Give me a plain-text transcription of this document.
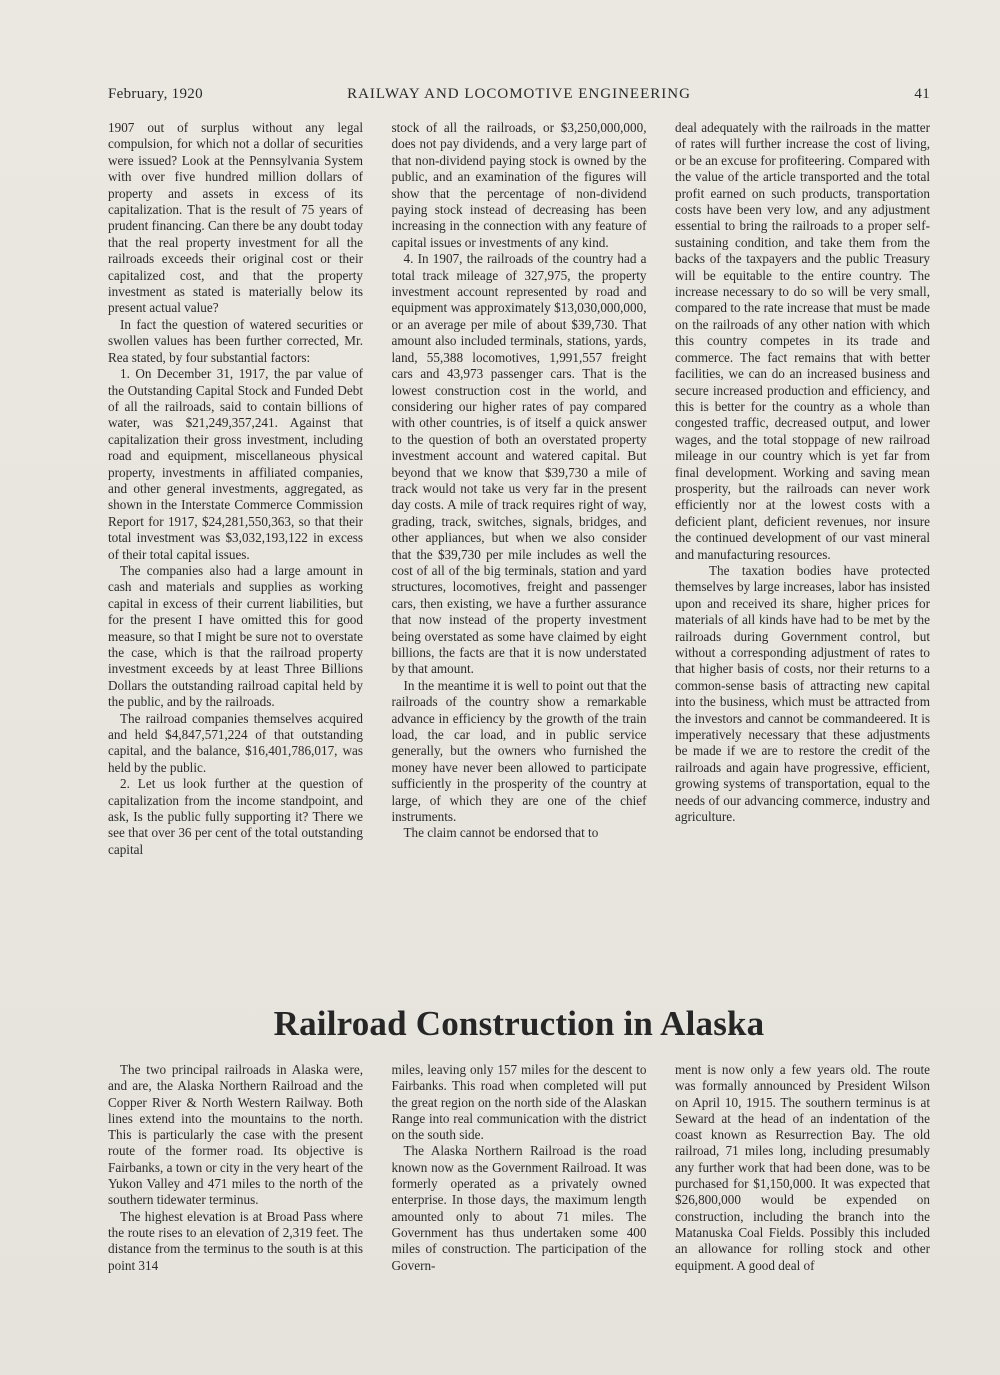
February, 1920	RAILWAY AND LOCOMOTIVE ENGINEERING	41

1907 out of surplus without any legal compulsion, for which not a dollar of securities were issued? Look at the Pennsylvania System with over five hundred million dollars of property and assets in excess of its capitalization. That is the result of 75 years of prudent financing. Can there be any doubt today that the real property investment for all the railroads exceeds their original cost or their capitalized cost, and that the property investment as stated is materially below its present actual value?

In fact the question of watered securities or swollen values has been further corrected, Mr. Rea stated, by four substantial factors:

1. On December 31, 1917, the par value of the Outstanding Capital Stock and Funded Debt of all the railroads, said to contain billions of water, was $21,249,357,241. Against that capitalization their gross investment, including road and equipment, miscellaneous physical property, investments in affiliated companies, and other general investments, aggregated, as shown in the Interstate Commerce Commission Report for 1917, $24,281,550,363, so that their total investment was $3,032,193,122 in excess of their total capital issues.

The companies also had a large amount in cash and materials and supplies as working capital in excess of their current liabilities, but for the present I have omitted this for good measure, so that I might be sure not to overstate the case, which is that the railroad property investment exceeds by at least Three Billions Dollars the outstanding railroad capital held by the public, and by the railroads.

The railroad companies themselves acquired and held $4,847,571,224 of that outstanding capital, and the balance, $16,401,786,017, was held by the public.

2. Let us look further at the question of capitalization from the income standpoint, and ask, Is the public fully supporting it? There we see that over 36 per cent of the total outstanding capital

stock of all the railroads, or $3,250,000,000, does not pay dividends, and a very large part of that non-dividend paying stock is owned by the public, and an examination of the figures will show that the percentage of non-dividend paying stock instead of decreasing has been increasing in the connection with any feature of capital issues or investments of any kind.

4. In 1907, the railroads of the country had a total track mileage of 327,975, the property investment account represented by road and equipment was approximately $13,030,000,000, or an average per mile of about $39,730. That amount also included terminals, stations, yards, land, 55,388 locomotives, 1,991,557 freight cars and 43,973 passenger cars. That is the lowest construction cost in the world, and considering our higher rates of pay compared with other countries, is of itself a quick answer to the question of both an overstated property investment account and watered capital. But beyond that we know that $39,730 a mile of track would not take us very far in the present day costs. A mile of track requires right of way, grading, track, switches, signals, bridges, and other appliances, but when we also consider that the $39,730 per mile includes as well the cost of all of the big terminals, station and yard structures, locomotives, freight and passenger cars, then existing, we have a further assurance that now instead of the property investment being overstated as some have claimed by eight billions, the facts are that it is now understated by that amount.

In the meantime it is well to point out that the railroads of the country show a remarkable advance in efficiency by the growth of the train load, the car load, and in public service generally, but the owners who furnished the money have never been allowed to participate sufficiently in the prosperity of the country at large, of which they are one of the chief instruments.

The claim cannot be endorsed that to

deal adequately with the railroads in the matter of rates will further increase the cost of living, or be an excuse for profiteering. Compared with the value of the article transported and the total profit earned on such products, transportation costs have been very low, and any adjustment essential to bring the railroads to a proper self-sustaining condition, and take them from the backs of the taxpayers and the public Treasury will be equitable to the entire country. The increase necessary to do so will be very small, compared to the rate increase that must be made on the railroads of any other nation with which this country competes in its trade and commerce. The fact remains that with better facilities, we can do an increased business and secure increased production and efficiency, and this is better for the country as a whole than congested traffic, decreased output, and lower wages, and the total stoppage of new railroad mileage in our country which is yet far from final development. Working and saving mean prosperity, but the railroads can never work efficiently nor at the lowest costs with a deficient plant, deficient revenues, nor insure the continued development of our vast mineral and manufacturing resources.

The taxation bodies have protected themselves by large increases, labor has insisted upon and received its share, higher prices for materials of all kinds have had to be met by the railroads during Government control, but without a corresponding adjustment of rates to that higher basis of costs, nor their returns to a common-sense basis of attracting new capital into the business, which must be attracted from the investors and cannot be commandeered. It is imperatively necessary that these adjustments be made if we are to restore the credit of the railroads and again have progressive, efficient, growing systems of transportation, equal to the needs of our advancing commerce, industry and agriculture.

Railroad Construction in Alaska

The two principal railroads in Alaska were, and are, the Alaska Northern Railroad and the Copper River & North Western Railway. Both lines extend into the mountains to the north. This is particularly the case with the present route of the former road. Its objective is Fairbanks, a town or city in the very heart of the Yukon Valley and 471 miles to the north of the southern tidewater terminus.

The highest elevation is at Broad Pass where the route rises to an elevation of 2,319 feet. The distance from the terminus to the south is at this point 314

miles, leaving only 157 miles for the descent to Fairbanks. This road when completed will put the great region on the north side of the Alaskan Range into real communication with the district on the south side.

The Alaska Northern Railroad is the road known now as the Government Railroad. It was formerly operated as a privately owned enterprise. In those days, the maximum length amounted only to about 71 miles. The Government has thus undertaken some 400 miles of construction. The participation of the Govern-

ment is now only a few years old. The route was formally announced by President Wilson on April 10, 1915. The southern terminus is at Seward at the head of an indentation of the coast known as Resurrection Bay. The old railroad, 71 miles long, including presumably any further work that had been done, was to be purchased for $1,150,000. It was expected that $26,800,000 would be expended on construction, including the branch into the Matanuska Coal Fields. Possibly this included an allowance for rolling stock and other equipment. A good deal of
